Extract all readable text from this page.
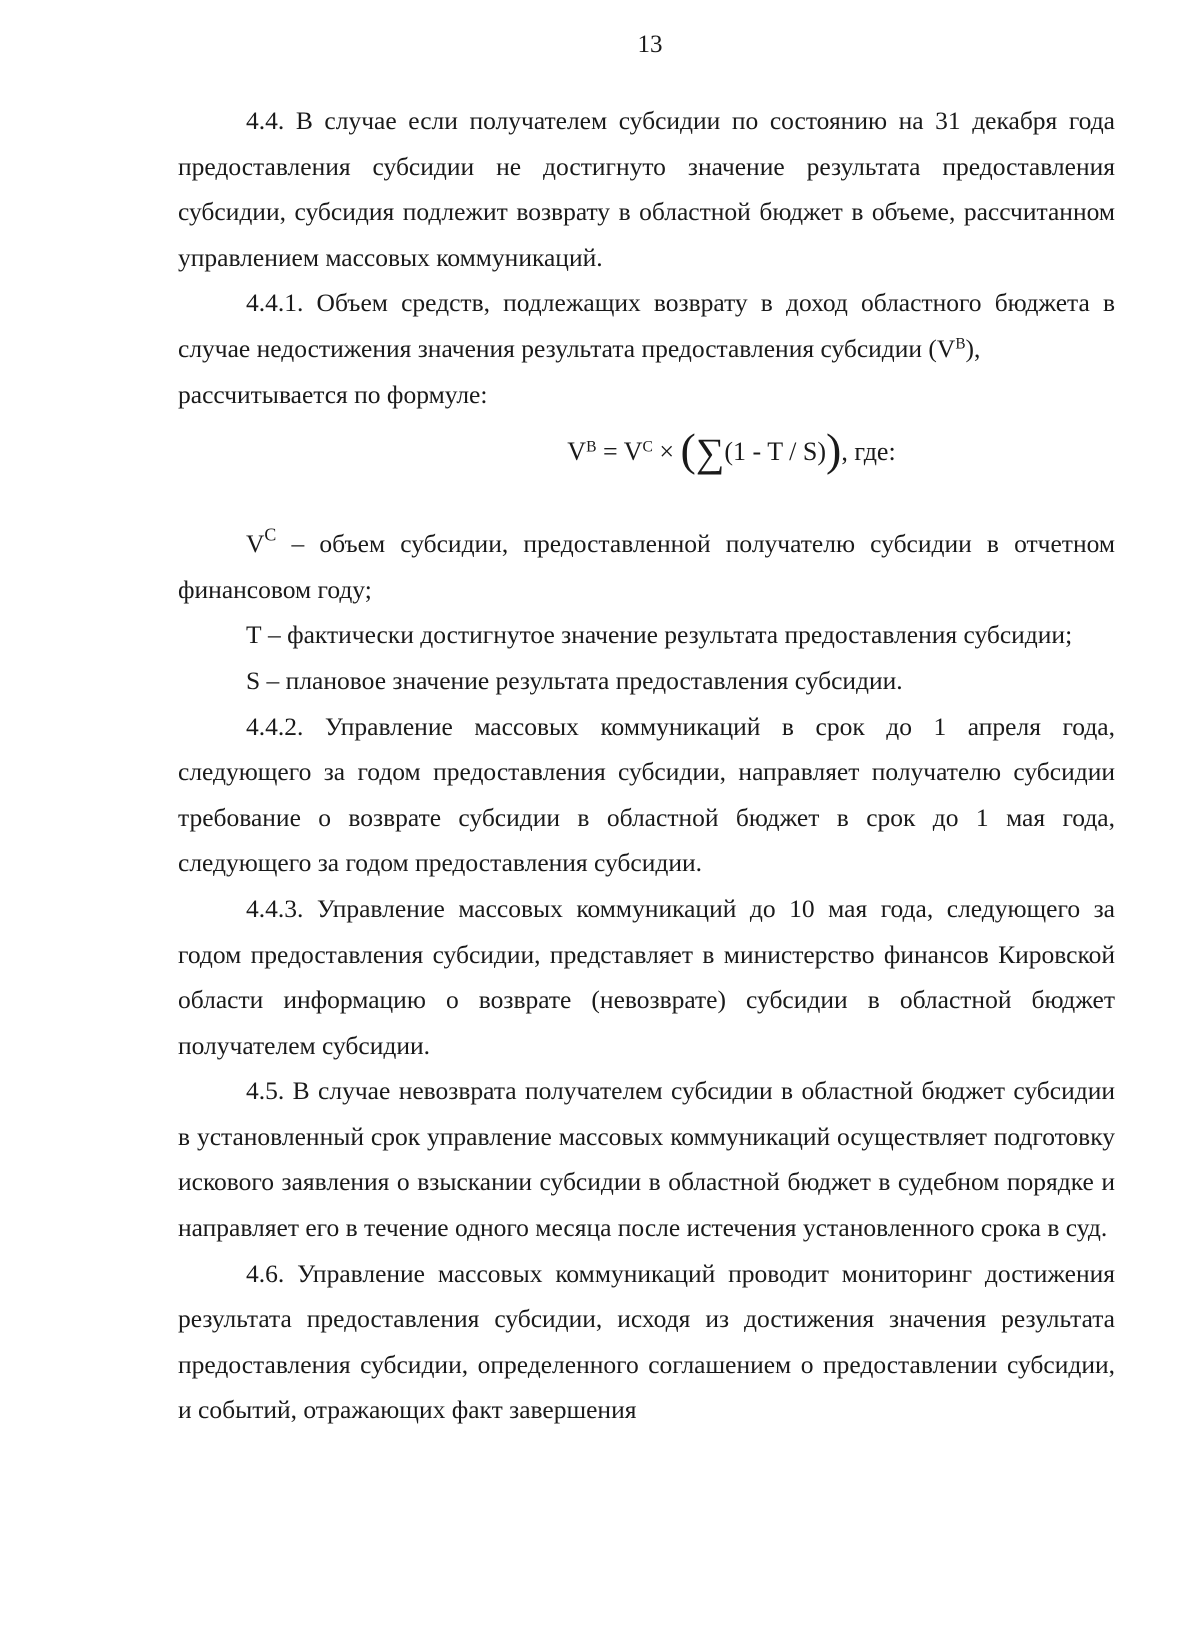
13

4.4. В случае если получателем субсидии по состоянию на 31 декабря года предоставления субсидии не достигнуто значение результата предоставления субсидии, субсидия подлежит возврату в областной бюджет в объеме, рассчитанном управлением массовых коммуникаций.

4.4.1. Объем средств, подлежащих возврату в доход областного бюджета в случае недостижения значения результата предоставления субсидии $(V^B)$,

рассчитывается по формуле:

$V^B = V^C \times (\sum(1 - T / S))$, где:

$V^C$ – объем субсидии, предоставленной получателю субсидии в отчетном финансовом году;

Т – фактически достигнутое значение результата предоставления субсидии;

S – плановое значение результата предоставления субсидии.

4.4.2. Управление массовых коммуникаций в срок до 1 апреля года, следующего за годом предоставления субсидии, направляет получателю субсидии требование о возврате субсидии в областной бюджет в срок до 1 мая года, следующего за годом предоставления субсидии.

4.4.3. Управление массовых коммуникаций до 10 мая года, следующего за годом предоставления субсидии, представляет в министерство финансов Кировской области информацию о возврате (невозврате) субсидии в областной бюджет получателем субсидии.

4.5. В случае невозврата получателем субсидии в областной бюджет субсидии в установленный срок управление массовых коммуникаций осуществляет подготовку искового заявления о взыскании субсидии в областной бюджет в судебном порядке и направляет его в течение одного месяца после истечения установленного срока в суд.

4.6. Управление массовых коммуникаций проводит мониторинг достижения результата предоставления субсидии, исходя из достижения значения результата предоставления субсидии, определенного соглашением о предоставлении субсидии, и событий, отражающих факт завершения
